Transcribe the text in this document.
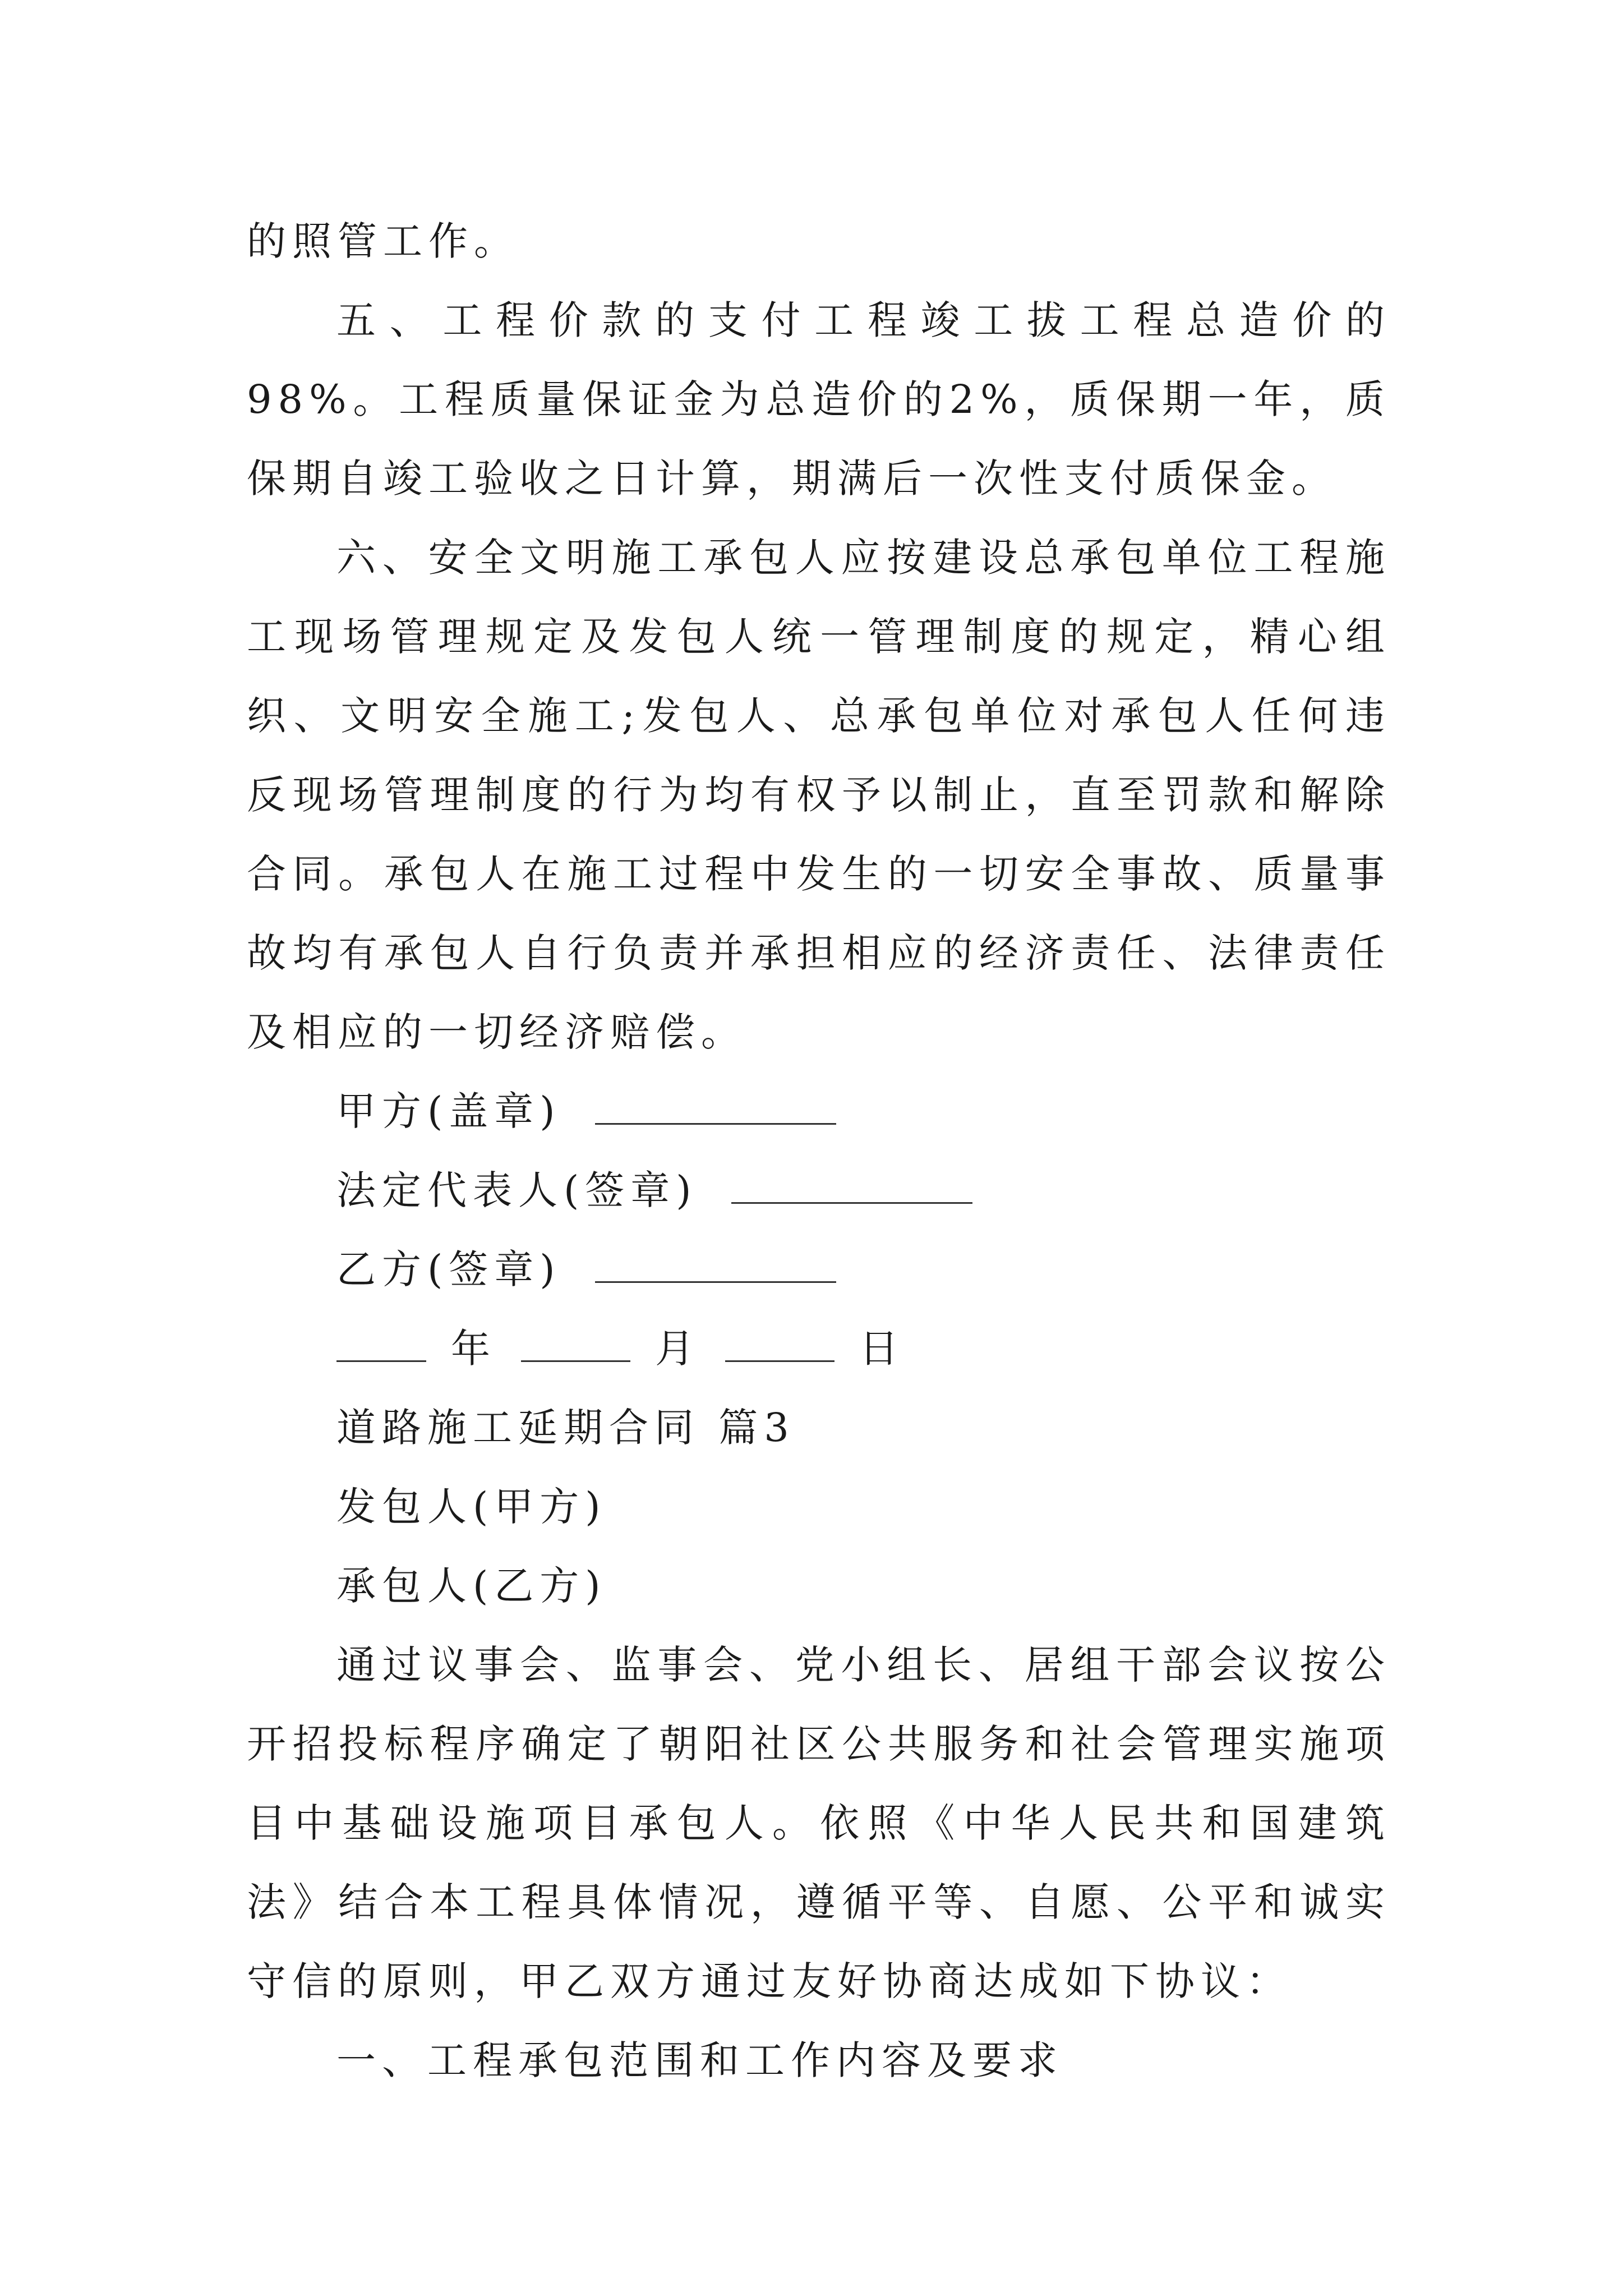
的照管工作。

五、工程价款的支付工程竣工拔工程总造价的98%。工程质量保证金为总造价的2%，质保期一年，质保期自竣工验收之日计算，期满后一次性支付质保金。

六、安全文明施工承包人应按建设总承包单位工程施工现场管理规定及发包人统一管理制度的规定，精心组织、文明安全施工;发包人、总承包单位对承包人任何违反现场管理制度的行为均有权予以制止，直至罚款和解除合同。承包人在施工过程中发生的一切安全事故、质量事故均有承包人自行负责并承担相应的经济责任、法律责任及相应的一切经济赔偿。

甲方(盖章)
法定代表人(签章)
乙方(签章)
年	月	日
道路施工延期合同 篇3
发包人(甲方)
承包人(乙方)

通过议事会、监事会、党小组长、居组干部会议按公开招投标程序确定了朝阳社区公共服务和社会管理实施项目中基础设施项目承包人。依照《中华人民共和国建筑法》结合本工程具体情况，遵循平等、自愿、公平和诚实守信的原则，甲乙双方通过友好协商达成如下协议：

一、工程承包范围和工作内容及要求
